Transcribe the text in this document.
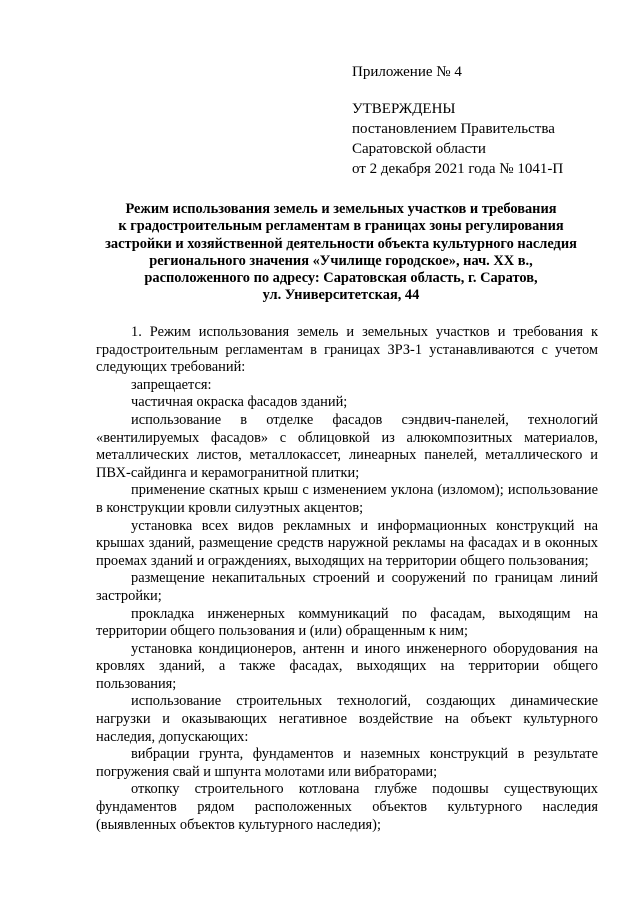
Приложение № 4
УТВЕРЖДЕНЫ
постановлением Правительства
Саратовской области
от 2 декабря 2021 года № 1041-П
Режим использования земель и земельных участков и требования
к градостроительным регламентам в границах зоны регулирования
застройки и хозяйственной деятельности объекта культурного наследия
регионального значения «Училище городское», нач. XX в.,
расположенного по адресу: Саратовская область, г. Саратов,
ул. Университетская, 44

1. Режим использования земель и земельных участков и требования к градостроительным регламентам в границах ЗРЗ-1 устанавливаются с учетом следующих требований:

запрещается:

частичная окраска фасадов зданий;

использование в отделке фасадов сэндвич-панелей, технологий «вентилируемых фасадов» с облицовкой из алюкомпозитных материалов, металлических листов, металлокассет, линеарных панелей, металлического и ПВХ-сайдинга и керамогранитной плитки;

применение скатных крыш с изменением уклона (изломом); использование в конструкции кровли силуэтных акцентов;

установка всех видов рекламных и информационных конструкций на крышах зданий, размещение средств наружной рекламы на фасадах и в оконных проемах зданий и ограждениях, выходящих на территории общего пользования;

размещение некапитальных строений и сооружений по границам линий застройки;

прокладка инженерных коммуникаций по фасадам, выходящим на территории общего пользования и (или) обращенным к ним;

установка кондиционеров, антенн и иного инженерного оборудования на кровлях зданий, а также фасадах, выходящих на территории общего пользования;

использование строительных технологий, создающих динамические нагрузки и оказывающих негативное воздействие на объект культурного наследия, допускающих:

вибрации грунта, фундаментов и наземных конструкций в результате погружения свай и шпунта молотами или вибраторами;

откопку строительного котлована глубже подошвы существующих фундаментов рядом расположенных объектов культурного наследия (выявленных объектов культурного наследия);
